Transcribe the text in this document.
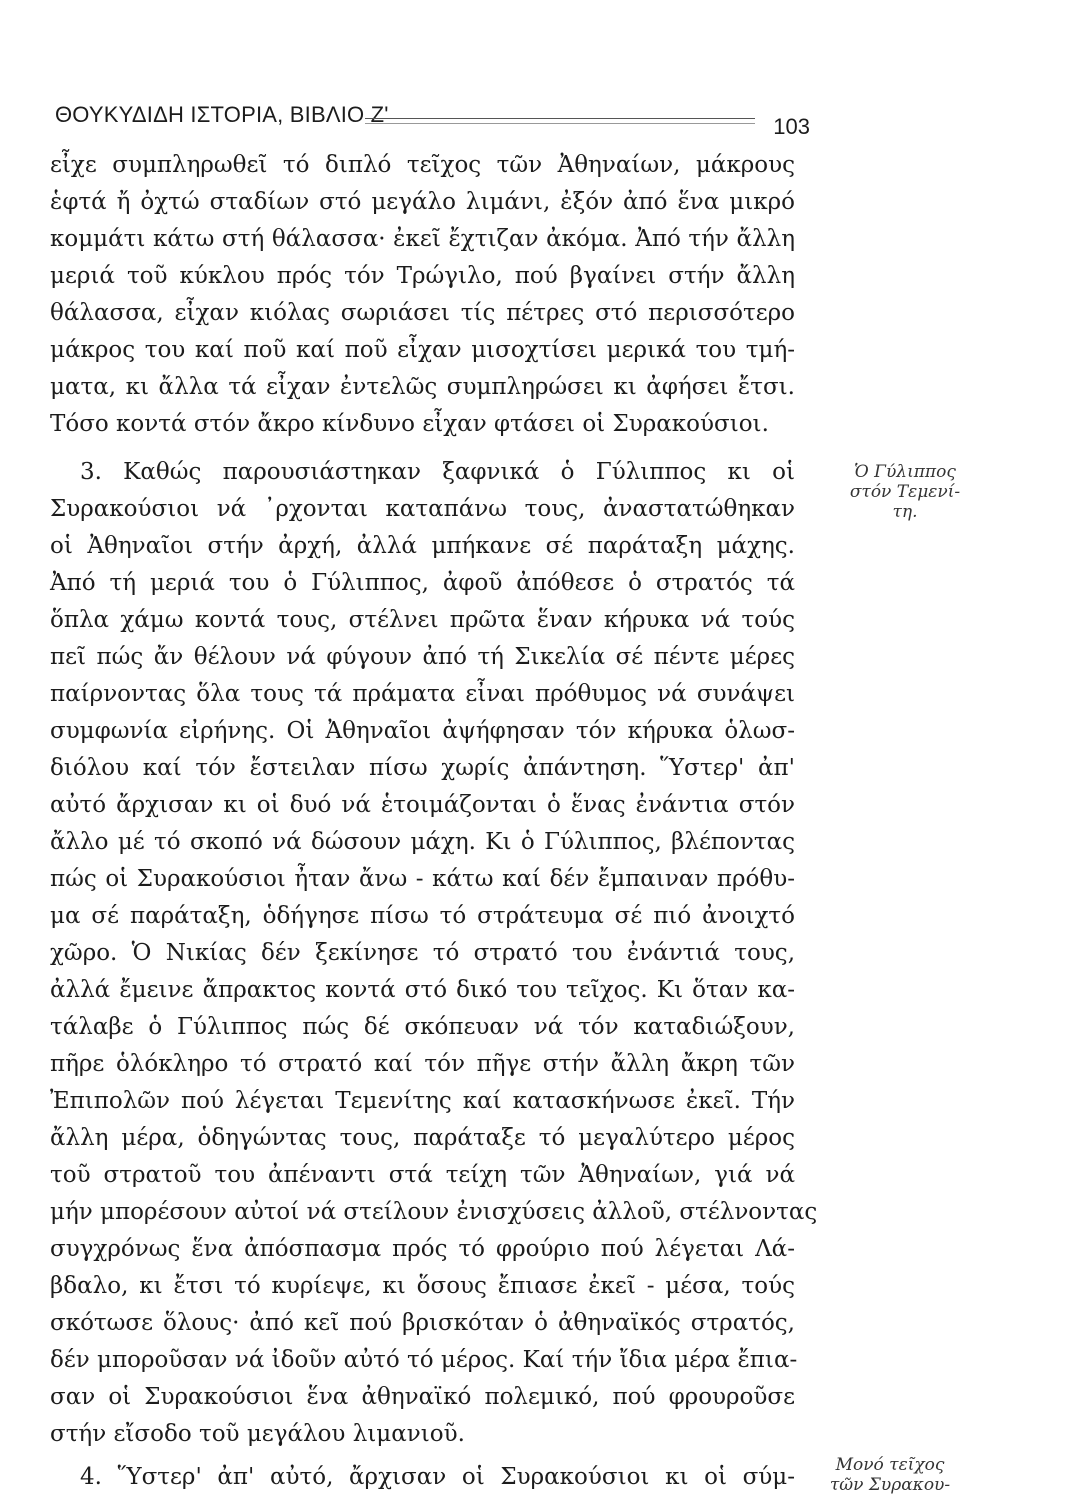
ΘΟΥΚΥΔΙΔΗ ΙΣΤΟΡΙΑ, ΒΙΒΛΙΟ Ζ'	103
εἶχε συμπληρωθεῖ τό διπλό τεῖχος τῶν Ἀθηναίων, μάκρους
ἑφτά ἤ ὀχτώ σταδίων στό μεγάλο λιμάνι, ἐξόν ἀπό ἕνα μικρό
κομμάτι κάτω στή θάλασσα· ἐκεῖ ἔχτιζαν ἀκόμα. Ἀπό τήν ἄλλη
μεριά τοῦ κύκλου πρός τόν Τρώγιλο, πού βγαίνει στήν ἄλλη
θάλασσα, εἶχαν κιόλας σωριάσει τίς πέτρες στό περισσότερο
μάκρος του καί ποῦ καί ποῦ εἶχαν μισοχτίσει μερικά του τμή-
ματα, κι ἄλλα τά εἶχαν ἐντελῶς συμπληρώσει κι ἀφήσει ἔτσι.
Τόσο κοντά στόν ἄκρο κίνδυνο εἶχαν φτάσει οἱ Συρακούσιοι.
3. Καθώς παρουσιάστηκαν ξαφνικά ὁ Γύλιππος κι οἱ
Συρακούσιοι νά ᾽ρχονται καταπάνω τους, ἀναστατώθηκαν
οἱ Ἀθηναῖοι στήν ἀρχή, ἀλλά μπήκανε σέ παράταξη μάχης.
Ἀπό τή μεριά του ὁ Γύλιππος, ἀφοῦ ἀπόθεσε ὁ στρατός τά
ὅπλα χάμω κοντά τους, στέλνει πρῶτα ἕναν κήρυκα νά τούς
πεῖ πώς ἄν θέλουν νά φύγουν ἀπό τή Σικελία σέ πέντε μέρες
παίρνοντας ὅλα τους τά πράματα εἶναι πρόθυμος νά συνάψει
συμφωνία εἰρήνης. Οἱ Ἀθηναῖοι ἀψήφησαν τόν κήρυκα ὁλωσ-
διόλου καί τόν ἔστειλαν πίσω χωρίς ἀπάντηση. Ὕστερ' ἀπ'
αὐτό ἄρχισαν κι οἱ δυό νά ἑτοιμάζονται ὁ ἕνας ἐνάντια στόν
ἄλλο μέ τό σκοπό νά δώσουν μάχη. Κι ὁ Γύλιππος, βλέποντας
πώς οἱ Συρακούσιοι ἦταν ἄνω - κάτω καί δέν ἔμπαιναν πρόθυ-
μα σέ παράταξη, ὁδήγησε πίσω τό στράτευμα σέ πιό ἀνοιχτό
χῶρο. Ὁ Νικίας δέν ξεκίνησε τό στρατό του ἐνάντιά τους,
ἀλλά ἔμεινε ἄπρακτος κοντά στό δικό του τεῖχος. Κι ὅταν κα-
τάλαβε ὁ Γύλιππος πώς δέ σκόπευαν νά τόν καταδιώξουν,
πῆρε ὁλόκληρο τό στρατό καί τόν πῆγε στήν ἄλλη ἄκρη τῶν
Ἐπιπολῶν πού λέγεται Τεμενίτης καί κατασκήνωσε ἐκεῖ. Τήν
ἄλλη μέρα, ὁδηγώντας τους, παράταξε τό μεγαλύτερο μέρος
τοῦ στρατοῦ του ἀπέναντι στά τείχη τῶν Ἀθηναίων, γιά νά
μήν μπορέσουν αὐτοί νά στείλουν ἐνισχύσεις ἀλλοῦ, στέλνοντας
συγχρόνως ἕνα ἀπόσπασμα πρός τό φρούριο πού λέγεται Λά-
βδαλο, κι ἔτσι τό κυρίεψε, κι ὅσους ἔπιασε ἐκεῖ - μέσα, τούς
σκότωσε ὅλους· ἀπό κεῖ πού βρισκόταν ὁ ἀθηναϊκός στρατός,
δέν μποροῦσαν νά ἰδοῦν αὐτό τό μέρος. Καί τήν ἴδια μέρα ἔπια-
σαν οἱ Συρακούσιοι ἕνα ἀθηναϊκό πολεμικό, πού φρουροῦσε
στήν εἴσοδο τοῦ μεγάλου λιμανιοῦ.
4. Ὕστερ' ἀπ' αὐτό, ἄρχισαν οἱ Συρακούσιοι κι οἱ σύμ-
Ὁ Γύλιππος
στόν Τεμενί-
τη.
Μονό τεῖχος
τῶν Συρακου-
